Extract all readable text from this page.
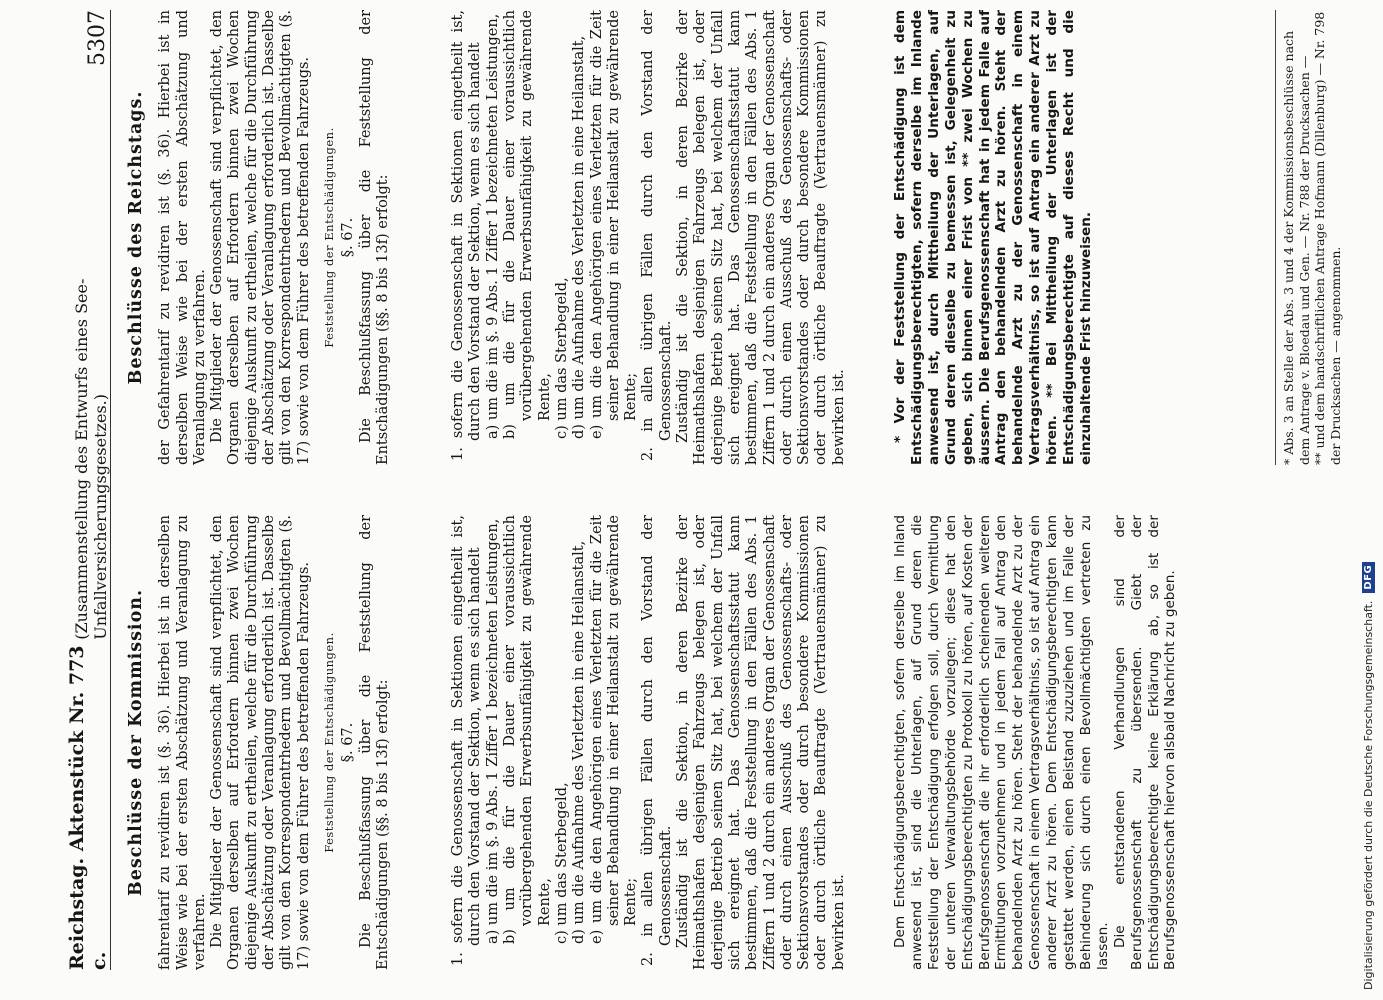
Reichstag. Aktenstück Nr. 773 c.
(Zusammenstellung des Entwurfs eines See-Unfallversicherungsgesetzes.)
5307
Beschlüsse der Kommission. fahrentarif zu revidiren ist (§. 36). Hierbei ist in derselben Weise wie bei der ersten Abschätzung und Veranlagung zu verfahren. Die Mitglieder der Genossenschaft sind verpflichtet, den Organen derselben auf Erfordern binnen zwei Wochen diejenige Auskunft zu ertheilen, welche für die Durchführung der Abschätzung oder Veranlagung erforderlich ist. Dasselbe gilt von den Korrespondentrhedern und Bevollmächtigten (§. 17) sowie von dem Führer des betreffenden Fahrzeugs. Feststellung der Entschädigungen. §. 67. Die Beschlußfassung über die Feststellung der Entschädigungen (§§. 8 bis 13f) erfolgt:	1. sofern die Genossenschaft in Sektionen eingetheilt ist, durch den Vorstand der Sektion, wenn es sich handelt a) um die im §. 9 Abs. 1 Ziffer 1 bezeichneten Leistungen, b) um die für die Dauer einer voraussichtlich vorübergehenden Erwerbsunfähigkeit zu gewährende Rente, c) um das Sterbegeld, d) um die Aufnahme des Verletzten in eine Heilanstalt, e) um die den Angehörigen eines Verletzten für die Zeit seiner Behandlung in einer Heilanstalt zu gewährende Rente; 2. in allen übrigen Fällen durch den Vorstand der Genossenschaft. Zuständig ist die Sektion, in deren Bezirke der Heimathshafen desjenigen Fahrzeugs belegen ist, oder derjenige Betrieb seinen Sitz hat, bei welchem der Unfall sich ereignet hat. Das Genossenschaftsstatut kann bestimmen, daß die Feststellung in den Fällen des Abs. 1 Ziffern 1 und 2 durch ein anderes Organ der Genossenschaft oder durch einen Ausschuß des Genossenschafts- oder Sektionsvorstandes oder durch besondere Kommissionen oder durch örtliche Beauftragte (Vertrauensmänner) zu bewirken ist.	Dem Entschädigungsberechtigten, sofern derselbe im Inland anwesend ist, sind die Unterlagen, auf Grund deren die Feststellung der Entschädigung erfolgen soll, durch Vermittlung der unteren Verwaltungsbehörde vorzulegen; diese hat den Entschädigungsberechtigten zu Protokoll zu hören, auf Kosten der Berufsgenossenschaft die ihr erforderlich scheinenden weiteren Ermittlungen vorzunehmen und in jedem Fall auf Antrag den behandelnden Arzt zu hören. Steht der behandelnde Arzt zu der Genossenschaft in einem Vertragsverhältniss, so ist auf Antrag ein anderer Arzt zu hören. Dem Entschädigungsberechtigten kann gestattet werden, einen Beistand zuzuziehen und im Falle der Behinderung sich durch einen Bevollmächtigten vertreten zu lassen. Die entstandenen Verhandlungen sind der Berufsgenossenschaft zu übersenden. Giebt der Entschädigungsberechtigte keine Erklärung ab, so ist der Berufsgenossenschaft hiervon alsbald Nachricht zu geben.

Beschlüsse des Reichstags. der Gefahrentarif zu revidiren ist (§. 36). Hierbei ist in derselben Weise wie bei der ersten Abschätzung und Veranlagung zu verfahren. Die Mitglieder der Genossenschaft sind verpflichtet, den Organen derselben auf Erfordern binnen zwei Wochen diejenige Auskunft zu ertheilen, welche für die Durchführung der Abschätzung oder Veranlagung erforderlich ist. Dasselbe gilt von den Korrespondentrhedern und Bevollmächtigten (§. 17) sowie von dem Führer des betreffenden Fahrzeugs. Feststellung der Entschädigungen. §. 67. Die Beschlußfassung über die Feststellung der Entschädigungen (§§. 8 bis 13f) erfolgt:	1. sofern die Genossenschaft in Sektionen eingetheilt ist, durch den Vorstand der Sektion, wenn es sich handelt a) um die im §. 9 Abs. 1 Ziffer 1 bezeichneten Leistungen, b) um die für die Dauer einer voraussichtlich vorübergehenden Erwerbsunfähigkeit zu gewährende Rente, c) um das Sterbegeld, d) um die Aufnahme des Verletzten in eine Heilanstalt, e) um die den Angehörigen eines Verletzten für die Zeit seiner Behandlung in einer Heilanstalt zu gewährende Rente; 2. in allen übrigen Fällen durch den Vorstand der Genossenschaft. Zuständig ist die Sektion, in deren Bezirke der Heimathshafen desjenigen Fahrzeugs belegen ist, oder derjenige Betrieb seinen Sitz hat, bei welchem der Unfall sich ereignet hat. Das Genossenschaftsstatut kann bestimmen, daß die Feststellung in den Fällen des Abs. 1 Ziffern 1 und 2 durch ein anderes Organ der Genossenschaft oder durch einen Ausschuß des Genossenschafts- oder Sektionsvorstandes oder durch besondere Kommissionen oder durch örtliche Beauftragte (Vertrauensmänner) zu bewirken ist.	* Vor der Feststellung der Entschädigung ist dem Entschädigungsberechtigten, sofern derselbe im Inlande anwesend ist, durch Mittheilung der Unterlagen, auf Grund deren dieselbe zu bemessen ist, Gelegenheit zu geben, sich binnen einer Frist von ** zwei Wochen zu äussern. Die Berufsgenossenschaft hat in jedem Falle auf Antrag den behandelnden Arzt zu hören. Steht der behandelnde Arzt zu der Genossenschaft in einem Vertragsverhältniss, so ist auf Antrag ein anderer Arzt zu hören. ** Bei Mittheilung der Unterlagen ist der Entschädigungsberechtigte auf dieses Recht und die einzuhaltende Frist hinzuweisen.	* Abs. 3 an Stelle der Abs. 3 und 4 der Kommissionsbeschlüsse nach dem Antrage v. Bloedau und Gen. — Nr. 788 der Drucksachen — ** und dem handschriftlichen Antrage Hofmann (Dillenburg) — Nr. 798 der Drucksachen — angenommen.
Digitalisierung gefördert durch die Deutsche Forschungsgemeinschaft.
DFG
